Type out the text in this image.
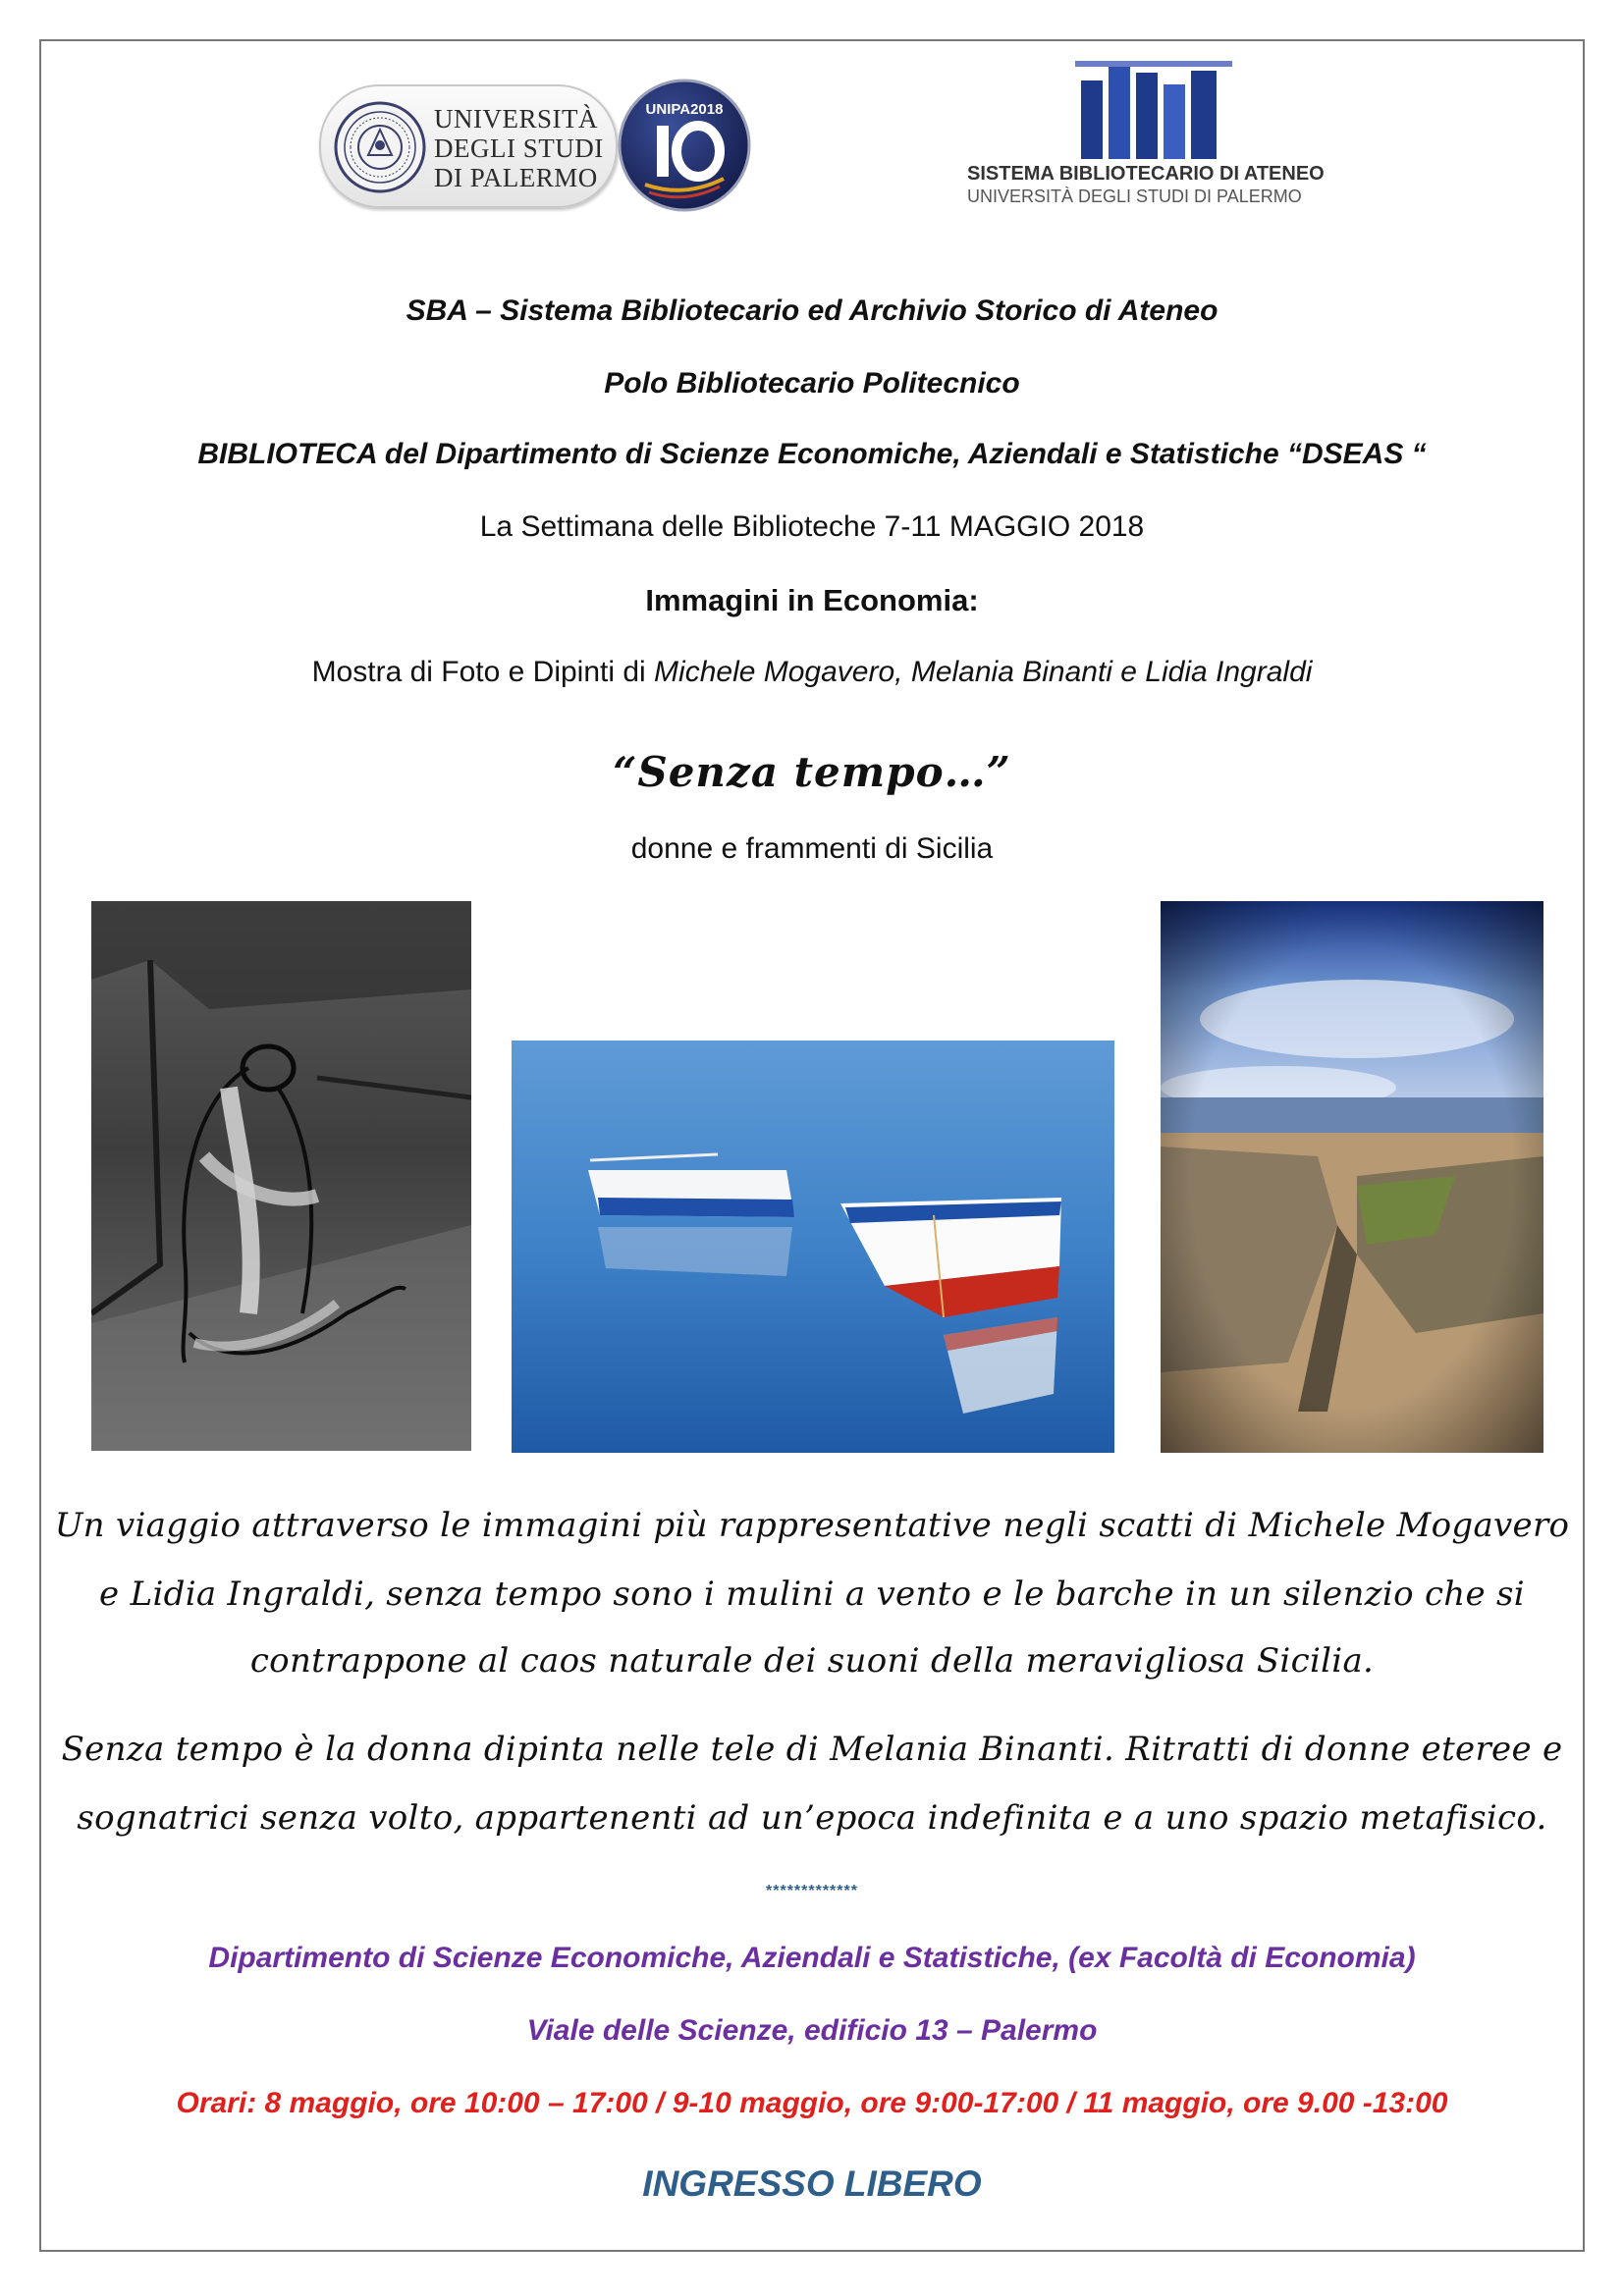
UNIVERSITÀ
DEGLI STUDI
DI PALERMO
UNIPA2018
SISTEMA BIBLIOTECARIO DI ATENEO
UNIVERSITÀ DEGLI STUDI DI PALERMO
SBA – Sistema Bibliotecario ed Archivio Storico di Ateneo
Polo Bibliotecario Politecnico
BIBLIOTECA del Dipartimento di Scienze Economiche, Aziendali e Statistiche “DSEAS “
La Settimana delle Biblioteche 7-11 MAGGIO 2018
Immagini in Economia:
Mostra di Foto e Dipinti di Michele Mogavero, Melania Binanti e Lidia Ingraldi
“Senza tempo…”
donne e frammenti di Sicilia
Un viaggio attraverso le immagini più rappresentative negli scatti di Michele Mogavero
e Lidia Ingraldi, senza tempo sono i mulini a vento e le barche in un silenzio che si
contrappone al caos naturale dei suoni della meravigliosa Sicilia.
Senza tempo è la donna dipinta nelle tele di Melania Binanti. Ritratti di donne eteree e
sognatrici senza volto, appartenenti ad un’epoca indefinita e a uno spazio metafisico.
*************
Dipartimento di Scienze Economiche, Aziendali e Statistiche, (ex Facoltà di Economia)
Viale delle Scienze, edificio 13 – Palermo
Orari: 8 maggio, ore 10:00 – 17:00 / 9-10 maggio, ore 9:00-17:00 / 11 maggio, ore 9.00 -13:00
INGRESSO LIBERO
